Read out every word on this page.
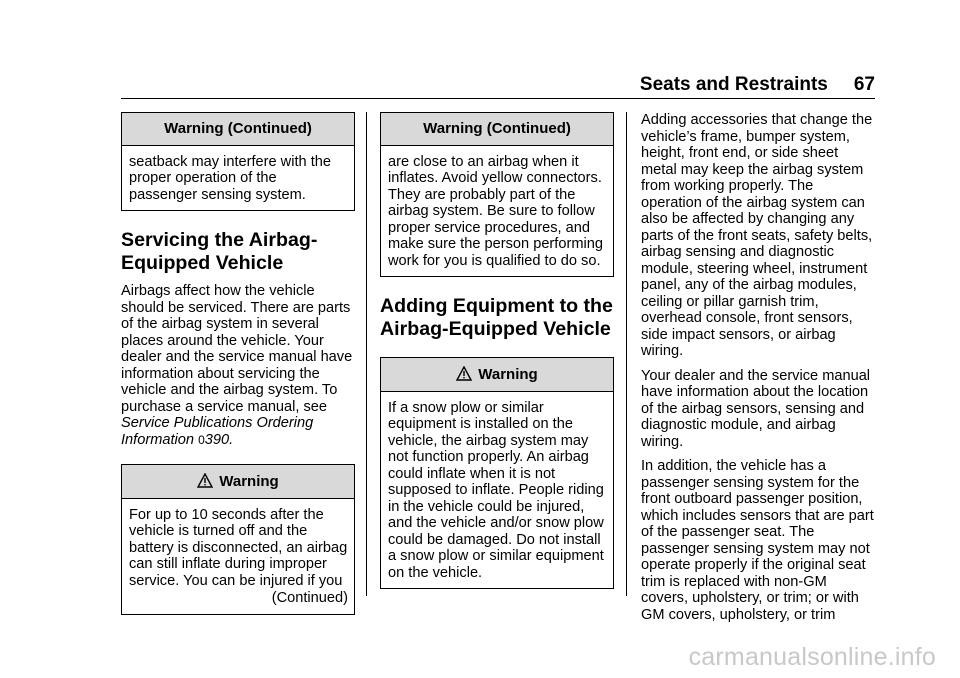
Seats and Restraints 67
Warning (Continued)
seatback may interfere with the proper operation of the passenger sensing system.
Servicing the Airbag-Equipped Vehicle

Airbags affect how the vehicle should be serviced. There are parts of the airbag system in several places around the vehicle. Your dealer and the service manual have information about servicing the vehicle and the airbag system. To purchase a service manual, see Service Publications Ordering Information 0390.

Warning
For up to 10 seconds after the vehicle is turned off and the battery is disconnected, an airbag can still inflate during improper service. You can be injured if you
(Continued)
Warning (Continued)
are close to an airbag when it inflates. Avoid yellow connectors. They are probably part of the airbag system. Be sure to follow proper service procedures, and make sure the person performing work for you is qualified to do so.
Adding Equipment to the Airbag-Equipped Vehicle
Warning
If a snow plow or similar equipment is installed on the vehicle, the airbag system may not function properly. An airbag could inflate when it is not supposed to inflate. People riding in the vehicle could be injured, and the vehicle and/or snow plow could be damaged. Do not install a snow plow or similar equipment on the vehicle.

Adding accessories that change the vehicle’s frame, bumper system, height, front end, or side sheet metal may keep the airbag system from working properly. The operation of the airbag system can also be affected by changing any parts of the front seats, safety belts, airbag sensing and diagnostic module, steering wheel, instrument panel, any of the airbag modules, ceiling or pillar garnish trim, overhead console, front sensors, side impact sensors, or airbag wiring.

Your dealer and the service manual have information about the location of the airbag sensors, sensing and diagnostic module, and airbag wiring.

In addition, the vehicle has a passenger sensing system for the front outboard passenger position, which includes sensors that are part of the passenger seat. The passenger sensing system may not operate properly if the original seat trim is replaced with non-GM covers, upholstery, or trim; or with GM covers, upholstery, or trim

carmanualsonline.info
